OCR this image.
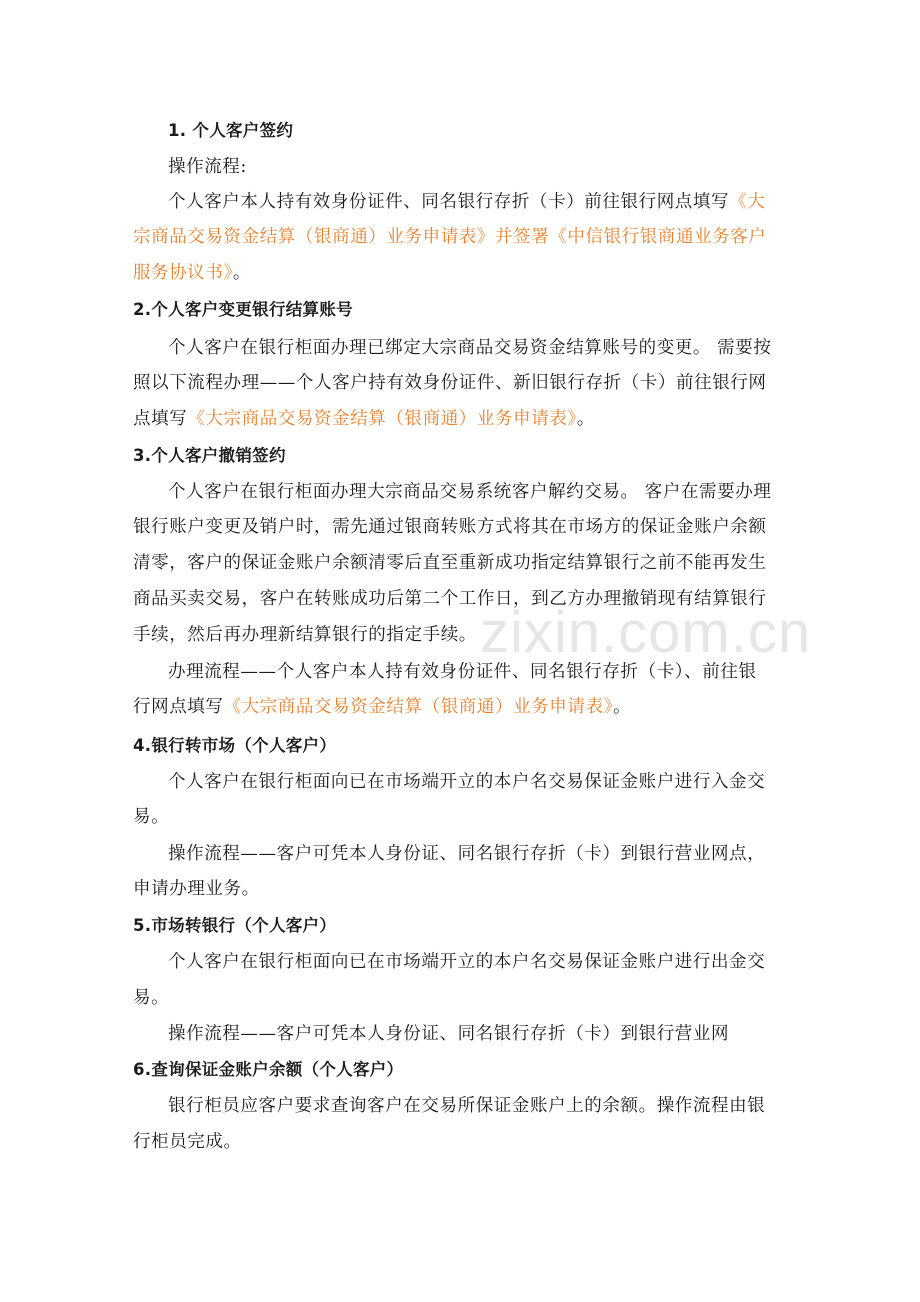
zixin.com.cn
1. 个人客户签约
操作流程:
个人客户本人持有效身份证件、同名银行存折（卡）前往银行网点填写《大
宗商品交易资金结算（银商通）业务申请表》并签署《中信银行银商通业务客户
服务协议书》。
2.个人客户变更银行结算账号
个人客户在银行柜面办理已绑定大宗商品交易资金结算账号的变更。 需要按
照以下流程办理——个人客户持有效身份证件、新旧银行存折（卡）前往银行网
点填写《大宗商品交易资金结算（银商通）业务申请表》。
3.个人客户撤销签约
个人客户在银行柜面办理大宗商品交易系统客户解约交易。 客户在需要办理
银行账户变更及销户时，需先通过银商转账方式将其在市场方的保证金账户余额
清零，客户的保证金账户余额清零后直至重新成功指定结算银行之前不能再发生
商品买卖交易，客户在转账成功后第二个工作日，到乙方办理撤销现有结算银行
手续，然后再办理新结算银行的指定手续。
办理流程——个人客户本人持有效身份证件、同名银行存折（卡）、前往银
行网点填写《大宗商品交易资金结算（银商通）业务申请表》。
4.银行转市场（个人客户）
个人客户在银行柜面向已在市场端开立的本户名交易保证金账户进行入金交
易。
操作流程——客户可凭本人身份证、同名银行存折（卡）到银行营业网点，
申请办理业务。
5.市场转银行（个人客户）
个人客户在银行柜面向已在市场端开立的本户名交易保证金账户进行出金交
易。
操作流程——客户可凭本人身份证、同名银行存折（卡）到银行营业网
6.查询保证金账户余额（个人客户）
银行柜员应客户要求查询客户在交易所保证金账户上的余额。操作流程由银
行柜员完成。
